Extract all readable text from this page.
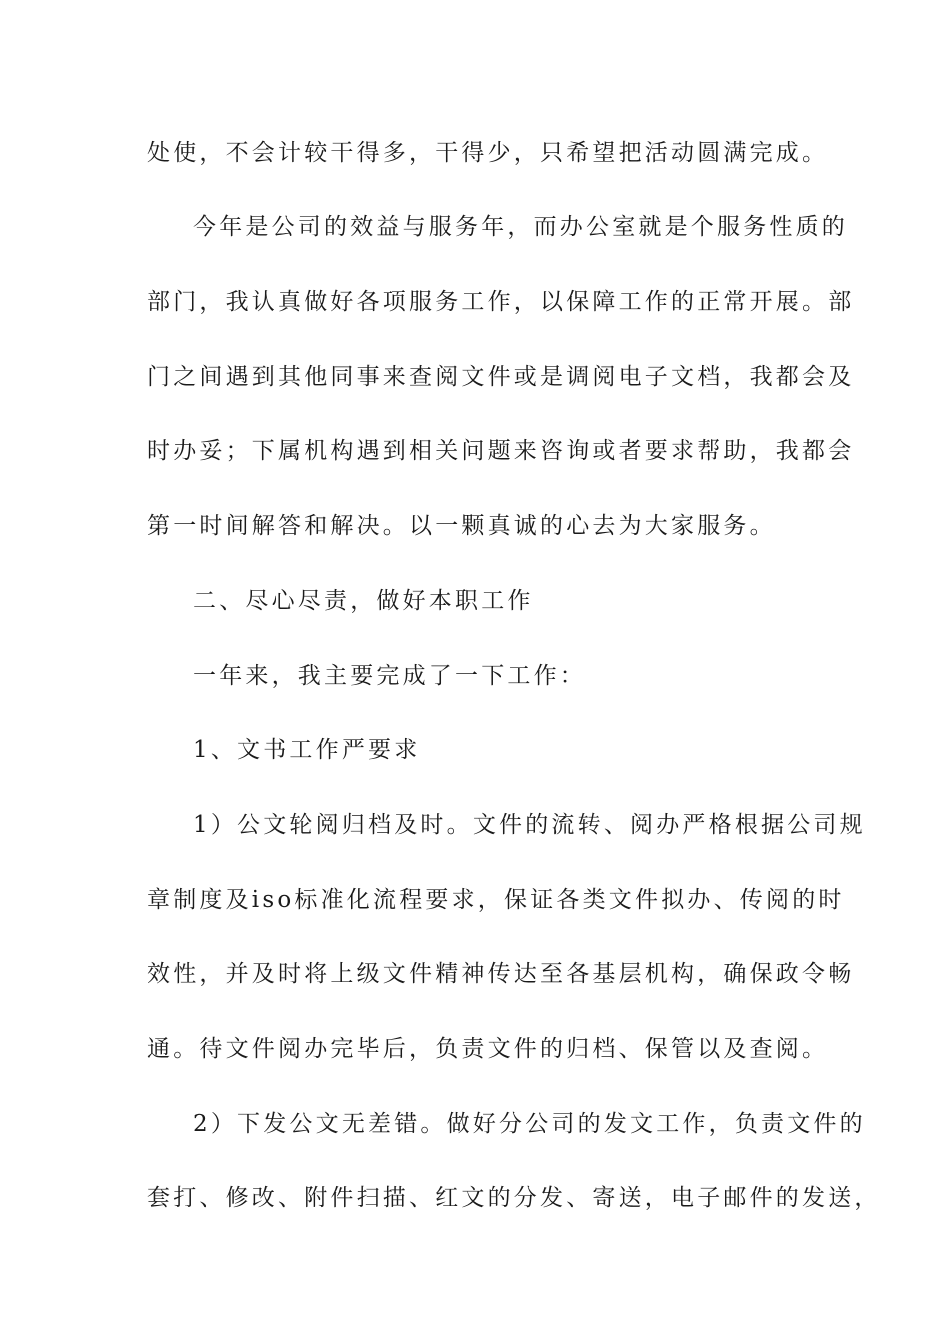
处使，不会计较干得多，干得少，只希望把活动圆满完成。
今年是公司的效益与服务年，而办公室就是个服务性质的
部门，我认真做好各项服务工作，以保障工作的正常开展。部
门之间遇到其他同事来查阅文件或是调阅电子文档，我都会及
时办妥；下属机构遇到相关问题来咨询或者要求帮助，我都会
第一时间解答和解决。以一颗真诚的心去为大家服务。
二、尽心尽责，做好本职工作
一年来，我主要完成了一下工作：
1、文书工作严要求
1）公文轮阅归档及时。文件的流转、阅办严格根据公司规
章制度及iso标准化流程要求，保证各类文件拟办、传阅的时
效性，并及时将上级文件精神传达至各基层机构，确保政令畅
通。待文件阅办完毕后，负责文件的归档、保管以及查阅。
2）下发公文无差错。做好分公司的发文工作，负责文件的
套打、修改、附件扫描、红文的分发、寄送，电子邮件的发送，
